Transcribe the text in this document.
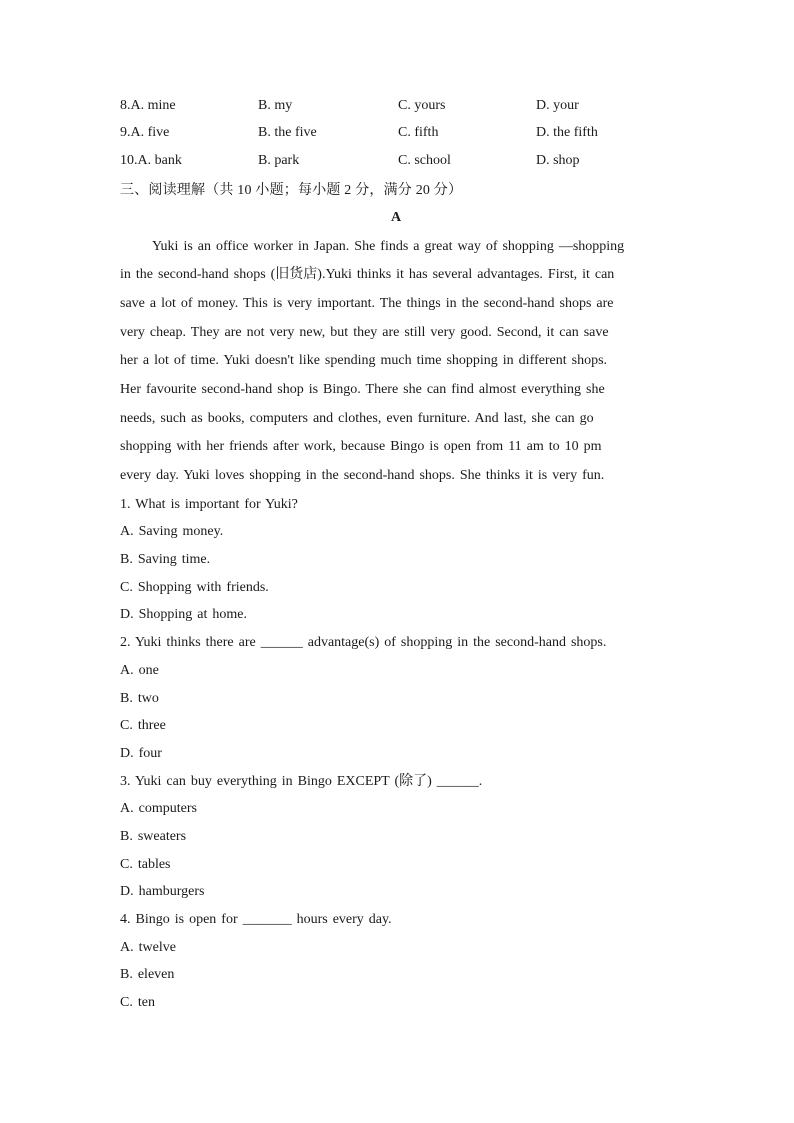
8.A. mine	B. my	C. yours	D. your
9.A. five	B. the five	C. fifth	D. the fifth
10.A. bank	B. park	C. school	D. shop
三、阅读理解（共 10 小题；每小题 2 分，满分 20 分）
A
Yuki is an office worker in Japan. She finds a great way of shopping —shopping
in the second-hand shops (旧货店).Yuki thinks it has several advantages. First, it can
save a lot of money. This is very important. The things in the second-hand shops are
very cheap. They are not very new, but they are still very good. Second, it can save
her a lot of time. Yuki doesn't like spending much time shopping in different shops.
Her favourite second-hand shop is Bingo. There she can find almost everything she
needs, such as books, computers and clothes, even furniture. And last, she can go
shopping with her friends after work, because Bingo is open from 11 am to 10 pm
every day. Yuki loves shopping in the second-hand shops. She thinks it is very fun.
1. What is important for Yuki?
A. Saving money.
B. Saving time.
C. Shopping with friends.
D. Shopping at home.
2. Yuki thinks there are ______ advantage(s) of shopping in the second-hand shops.
A. one
B. two
C. three
D. four
3. Yuki can buy everything in Bingo EXCEPT (除了) ______.
A. computers
B. sweaters
C. tables
D. hamburgers
4. Bingo is open for _______ hours every day.
A. twelve
B. eleven
C. ten
